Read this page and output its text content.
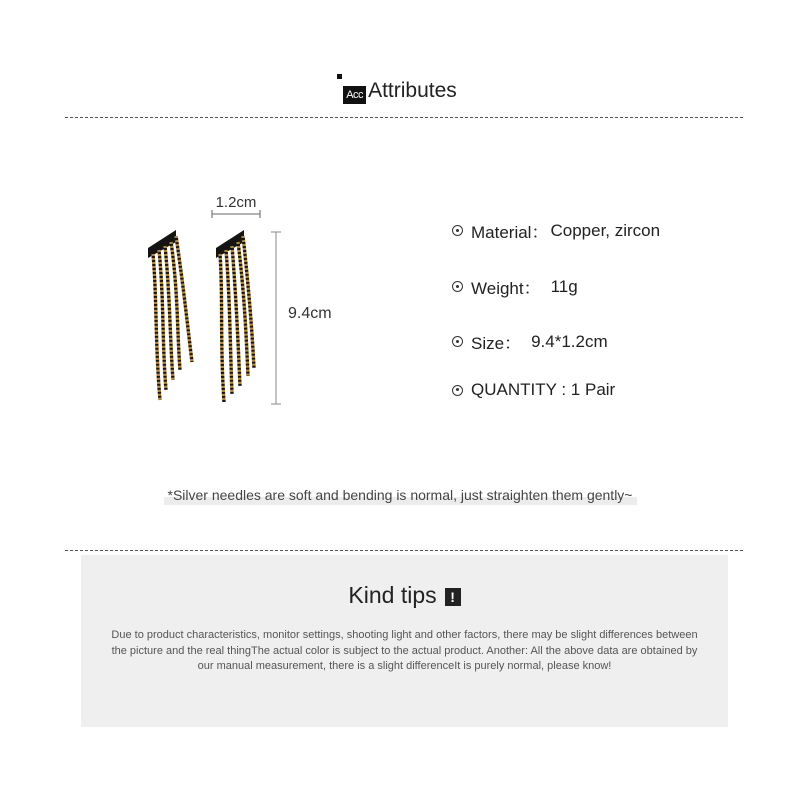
Acc Attributes
1.2cm
9.4cm
Material： Copper, zircon
Weight： 11g
Size： 9.4*1.2cm
QUANTITY : 1 Pair
*Silver needles are soft and bending is normal, just straighten them gently~
Kind tips !
Due to product characteristics, monitor settings, shooting light and other factors, there may be slight differences between the picture and the real thingThe actual color is subject to the actual product. Another: All the above data are obtained by our manual measurement, there is a slight differenceIt is purely normal, please know!
